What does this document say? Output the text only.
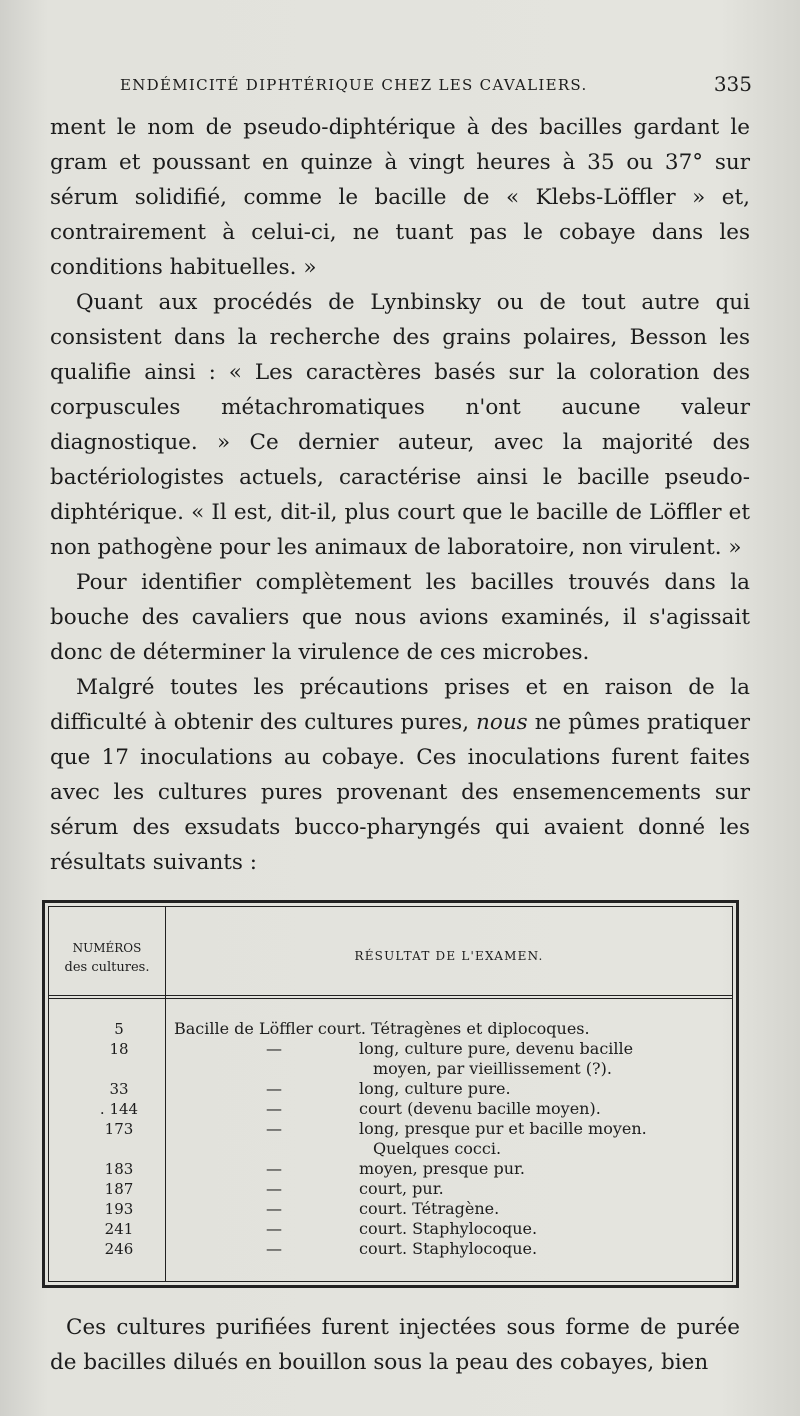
ENDÉMICITÉ DIPHTÉRIQUE CHEZ LES CAVALIERS.	335

ment le nom de pseudo-diphtérique à des bacilles gardant le gram et poussant en quinze à vingt heures à 35 ou 37° sur sérum solidifié, comme le bacille de « Klebs-Löffler » et, contrairement à celui-ci, ne tuant pas le cobaye dans les conditions habituelles. »

Quant aux procédés de Lynbinsky ou de tout autre qui consistent dans la recherche des grains polaires, Besson les qualifie ainsi : « Les caractères basés sur la coloration des corpuscules métachromatiques n'ont aucune valeur diagnostique. » Ce dernier auteur, avec la majorité des bactériologistes actuels, caractérise ainsi le bacille pseudo-diphtérique. « Il est, dit-il, plus court que le bacille de Löffler et non pathogène pour les animaux de laboratoire, non virulent. »

Pour identifier complètement les bacilles trouvés dans la bouche des cavaliers que nous avions examinés, il s'agissait donc de déterminer la virulence de ces microbes.

Malgré toutes les précautions prises et en raison de la difficulté à obtenir des cultures pures, nous ne pûmes pratiquer que 17 inoculations au cobaye. Ces inoculations furent faites avec les cultures pures provenant des ensemencements sur sérum des exsudats bucco-pharyngés qui avaient donné les résultats suivants :

NUMÉROS
des cultures.
RÉSULTAT DE L'EXAMEN.
5	Bacille de Löffler court. Tétragènes et diplocoques.
18	—	long, culture pure, devenu bacille
moyen, par vieillissement (?).
33	—	long, culture pure.
. 144	—	court (devenu bacille moyen).
173	—	long, presque pur et bacille moyen.
Quelques cocci.
183	—	moyen, presque pur.
187	—	court, pur.
193	—	court. Tétragène.
241	—	court. Staphylocoque.
246	—	court. Staphylocoque.

Ces cultures purifiées furent injectées sous forme de purée de bacilles dilués en bouillon sous la peau des cobayes, bien
